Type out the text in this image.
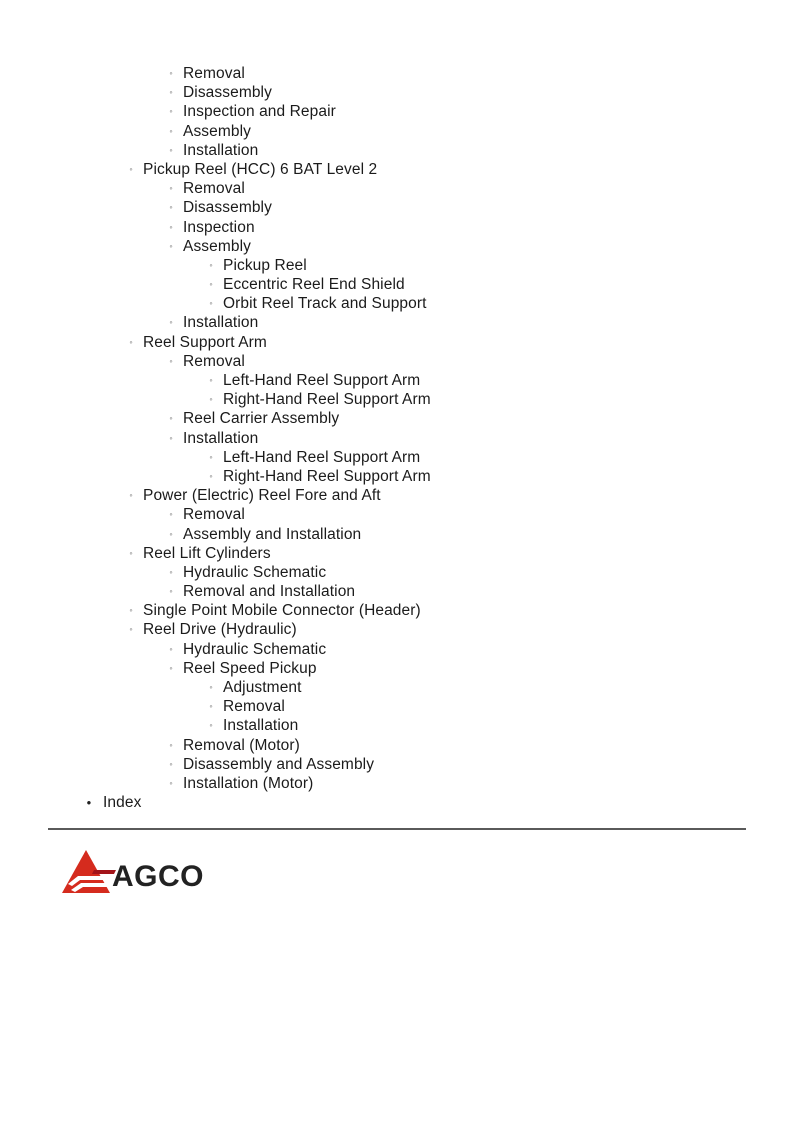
◦ Removal
◦ Disassembly
◦ Inspection and Repair
◦ Assembly
◦ Installation
◦ Pickup Reel (HCC) 6 BAT Level 2
◦ Removal
◦ Disassembly
◦ Inspection
◦ Assembly
◦ Pickup Reel
◦ Eccentric Reel End Shield
◦ Orbit Reel Track and Support
◦ Installation
◦ Reel Support Arm
◦ Removal
◦ Left-Hand Reel Support Arm
◦ Right-Hand Reel Support Arm
◦ Reel Carrier Assembly
◦ Installation
◦ Left-Hand Reel Support Arm
◦ Right-Hand Reel Support Arm
◦ Power (Electric) Reel Fore and Aft
◦ Removal
◦ Assembly and Installation
◦ Reel Lift Cylinders
◦ Hydraulic Schematic
◦ Removal and Installation
◦ Single Point Mobile Connector (Header)
◦ Reel Drive (Hydraulic)
◦ Hydraulic Schematic
◦ Reel Speed Pickup
◦ Adjustment
◦ Removal
◦ Installation
◦ Removal (Motor)
◦ Disassembly and Assembly
◦ Installation (Motor)
• Index
AGCO
